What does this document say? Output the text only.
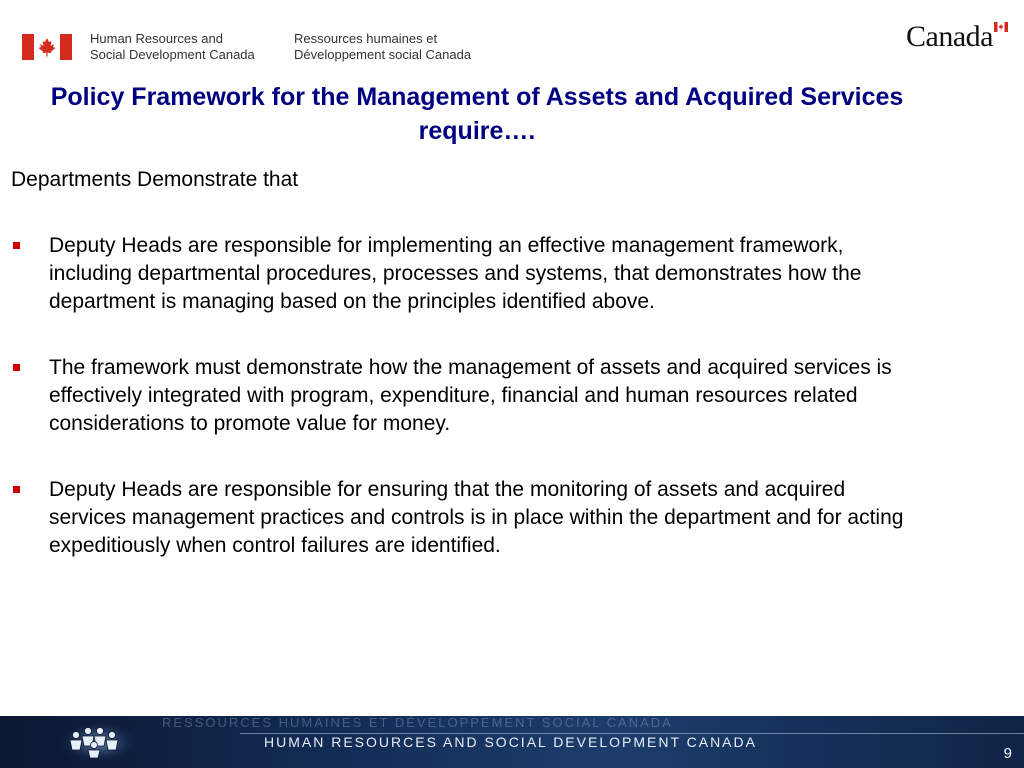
Human Resources and
Social Development Canada
Ressources humaines et
Développement social Canada
Canada
Policy Framework for the Management of Assets and Acquired Services require….
Departments Demonstrate that
Deputy Heads are responsible for implementing an effective management framework, including departmental procedures, processes and systems, that demonstrates how the department is managing based on the principles identified above.
The framework must demonstrate how the management of assets and acquired services is effectively integrated with program, expenditure, financial and human resources related considerations to promote value for money.
Deputy Heads are responsible for ensuring that the monitoring of assets and acquired services management practices and controls is in place within the department and for acting expeditiously when control failures are identified.
RESSOURCES HUMAINES ET DÉVELOPPEMENT SOCIAL CANADA
HUMAN RESOURCES AND SOCIAL DEVELOPMENT CANADA
9
